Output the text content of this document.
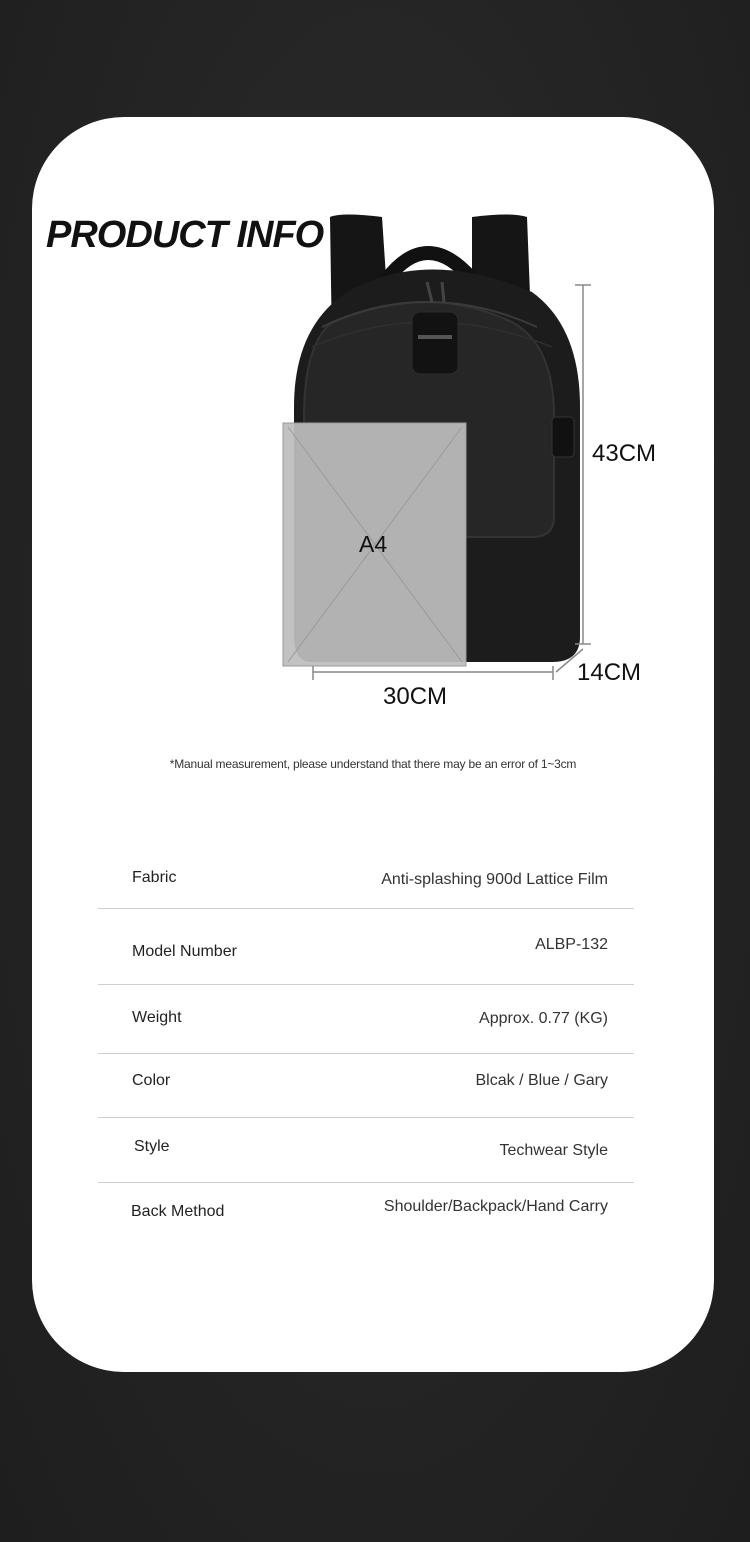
PRODUCT INFO
A4
43CM
14CM
30CM
*Manual measurement, please understand that there may be an error of 1~3cm
Fabric	Anti-splashing 900d Lattice Film
Model Number	ALBP-132
Weight	Approx. 0.77 (KG)
Color	Blcak / Blue / Gary
Style	Techwear Style
Back Method	Shoulder/Backpack/Hand Carry
